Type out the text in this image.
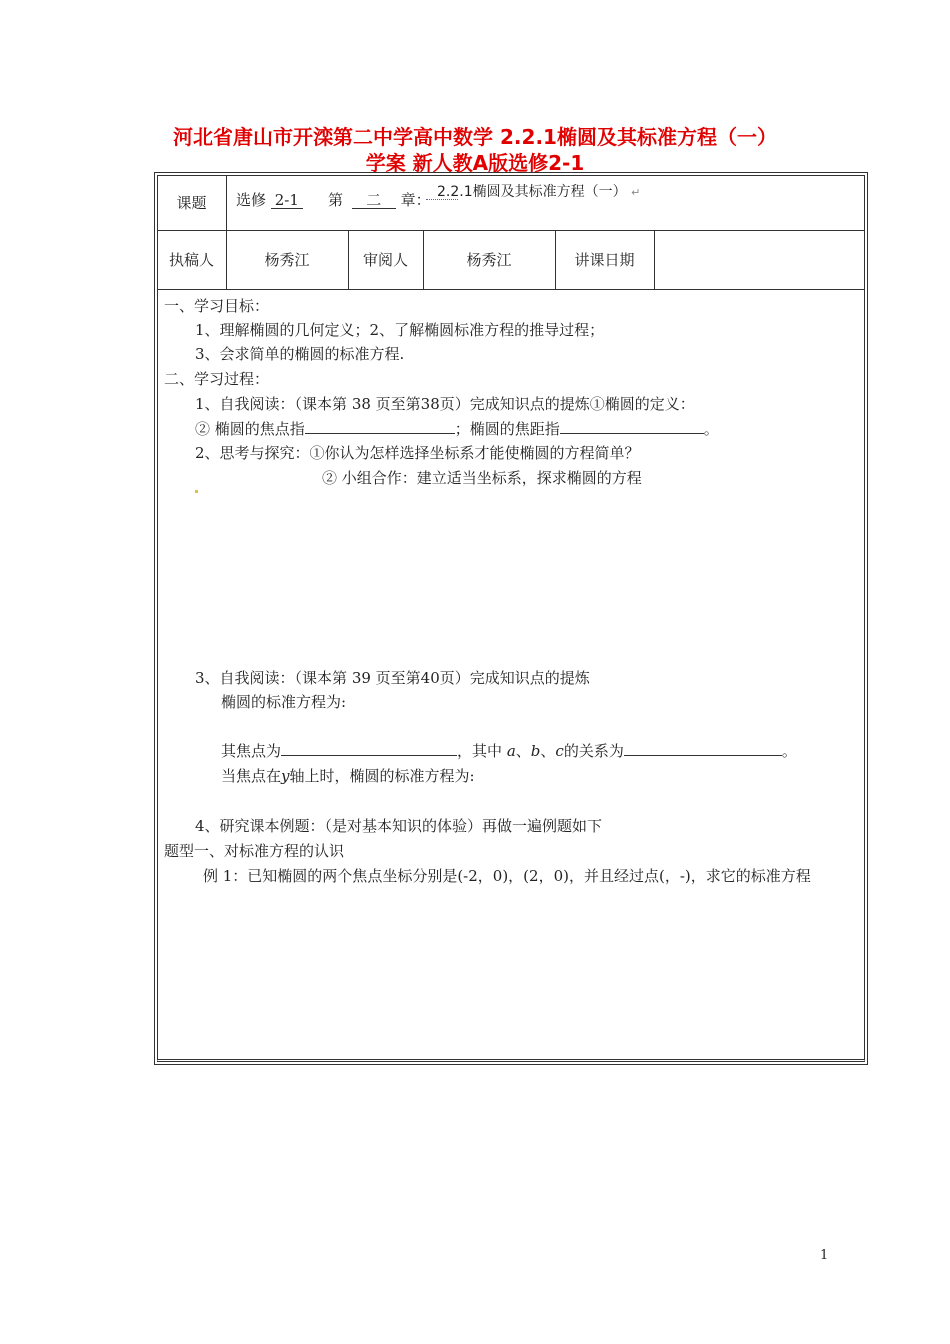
河北省唐山市开滦第二中学高中数学 2.2.1椭圆及其标准方程（一）
学案 新人教A版选修2-1
课题	选修 2-1 第 二 章： 2.2.1椭圆及其标准方程（一） ↵
执稿人	杨秀江	审阅人	杨秀江	讲课日期
一、学习目标：
1、理解椭圆的几何定义；2、了解椭圆标准方程的推导过程；
3、会求简单的椭圆的标准方程.
二、学习过程：
1、自我阅读：（课本第 38 页至第38页）完成知识点的提炼①椭圆的定义：
② 椭圆的焦点指	；椭圆的焦距指	。
2、思考与探究：①你认为怎样选择坐标系才能使椭圆的方程简单？
② 小组合作：建立适当坐标系，探求椭圆的方程
3、自我阅读：（课本第 39 页至第40页）完成知识点的提炼
椭圆的标准方程为:
其焦点为	，其中 a、b、c的关系为	。
当焦点在y轴上时，椭圆的标准方程为:
4、研究课本例题：（是对基本知识的体验）再做一遍例题如下
题型一、对标准方程的认识
例 1：已知椭圆的两个焦点坐标分别是(-2，0)，(2，0)，并且经过点(，-)，求它的标准方程
1
